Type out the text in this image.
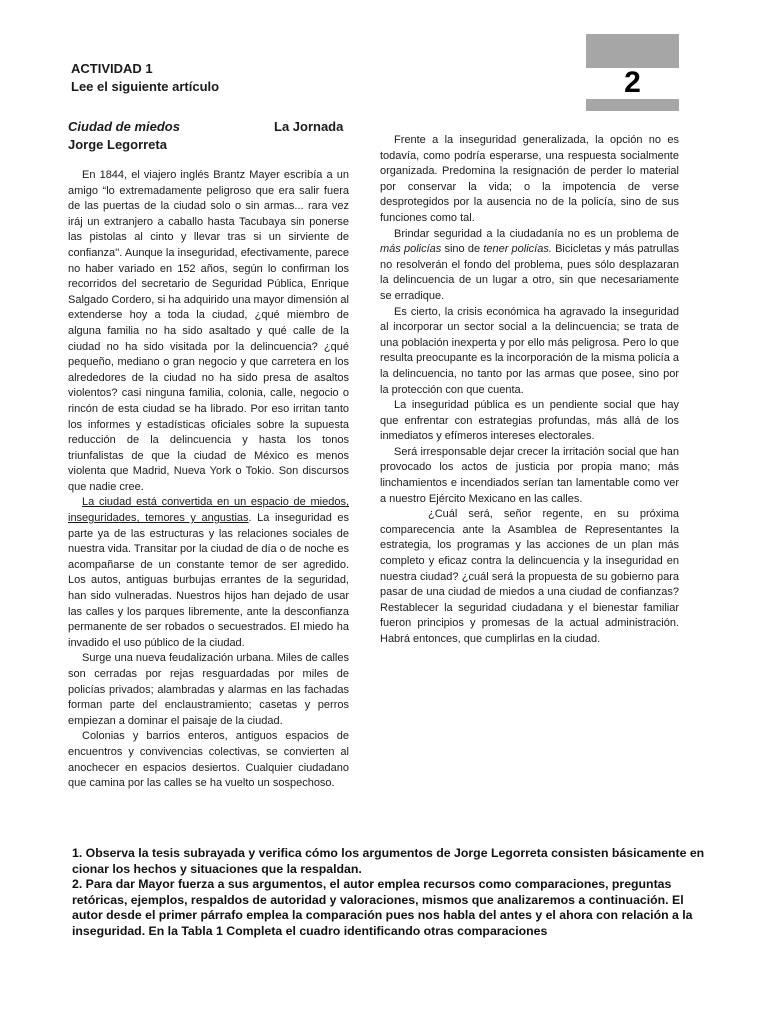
2
ACTIVIDAD 1
Lee el siguiente artículo
Ciudad de miedos	La Jornada
Jorge Legorreta

En 1844, el viajero inglés Brantz Mayer escribía a un amigo “lo extremadamente peligroso que era salir fuera de las puertas de la ciudad solo o sin armas... rara vez iráj un extranjero a caballo hasta Tacubaya sin ponerse las pistolas al cinto y llevar tras si un sirviente de confianza''. Aunque la inseguridad, efectivamente, parece no haber variado en 152 años, según lo confirman los recorridos del secretario de Seguridad Pública, Enrique Salgado Cordero, si ha adquirido una mayor dimensión al extenderse hoy a toda la ciudad, ¿qué miembro de alguna familia no ha sido asaltado y qué calle de la ciudad no ha sido visitada por la delincuencia? ¿qué pequeño, mediano o gran negocio y que carretera en los alrededores de la ciudad no ha sido presa de asaltos violentos? casi ninguna familia, colonia, calle, negocio o rincón de esta ciudad se ha librado. Por eso irritan tanto los informes y estadísticas oficiales sobre la supuesta reducción de la delincuencia y hasta los tonos triunfalistas de que la ciudad de México es menos violenta que Madrid, Nueva York o Tokio. Son discursos que nadie cree.

La ciudad está convertida en un espacio de miedos, inseguridades, temores y angustias. La inseguridad es parte ya de las estructuras y las relaciones sociales de nuestra vida. Transitar por la ciudad de día o de noche es acompañarse de un constante temor de ser agredido. Los autos, antiguas burbujas errantes de la seguridad, han sido vulneradas. Nuestros hijos han dejado de usar las calles y los parques libremente, ante la desconfianza permanente de ser robados o secuestrados. El miedo ha invadido el uso público de la ciudad.

Surge una nueva feudalización urbana. Miles de calles son cerradas por rejas resguardadas por miles de policías privados; alambradas y alarmas en las fachadas forman parte del enclaustramiento; casetas y perros empiezan a dominar el paisaje de la ciudad.

Colonias y barrios enteros, antiguos espacios de encuentros y convivencias colectivas, se convierten al anochecer en espacios desiertos. Cualquier ciudadano que camina por las calles se ha vuelto un sospechoso.

Frente a la inseguridad generalizada, la opción no es todavía, como podría esperarse, una respuesta socialmente organizada. Predomina la resignación de perder lo material por conservar la vida; o la impotencia de verse desprotegidos por la ausencia no de la policía, sino de sus funciones como tal.

Brindar seguridad a la ciudadanía no es un problema de más policías sino de tener policías. Bicicletas y más patrullas no resolverán el fondo del problema, pues sólo desplazaran la delincuencia de un lugar a otro, sin que necesariamente se erradique.

Es cierto, la crisis económica ha agravado la inseguridad al incorporar un sector social a la delincuencia; se trata de una población inexperta y por ello más peligrosa. Pero lo que resulta preocupante es la incorporación de la misma policía a la delincuencia, no tanto por las armas que posee, sino por la protección con que cuenta.

La inseguridad pública es un pendiente social que hay que enfrentar con estrategias profundas, más allá de los inmediatos y efímeros intereses electorales.

Será irresponsable dejar crecer la irritación social que han provocado los actos de justicia por propia mano; más linchamientos e incendiados serían tan lamentable como ver a nuestro Ejército Mexicano en las calles.

¿Cuál será, señor regente, en su próxima comparecencia ante la Asamblea de Representantes la estrategia, los programas y las acciones de un plan más completo y eficaz contra la delincuencia y la inseguridad en nuestra ciudad? ¿cuál será la propuesta de su gobierno para pasar de una ciudad de miedos a una ciudad de confianzas? Restablecer la seguridad ciudadana y el bienestar familiar fueron principios y promesas de la actual administración. Habrá entonces, que cumplirlas en la ciudad.

1. Observa la tesis subrayada y verifica cómo los argumentos de Jorge Legorreta consisten básicamente en cionar los hechos y situaciones que la respaldan.

2. Para dar Mayor fuerza a sus argumentos, el autor emplea recursos como comparaciones, preguntas retóricas, ejemplos, respaldos de autoridad y valoraciones, mismos que analizaremos a continuación. El autor desde el primer párrafo emplea la comparación pues nos habla del antes y el ahora con relación a la inseguridad. En la Tabla 1 Completa el cuadro identificando otras comparaciones
